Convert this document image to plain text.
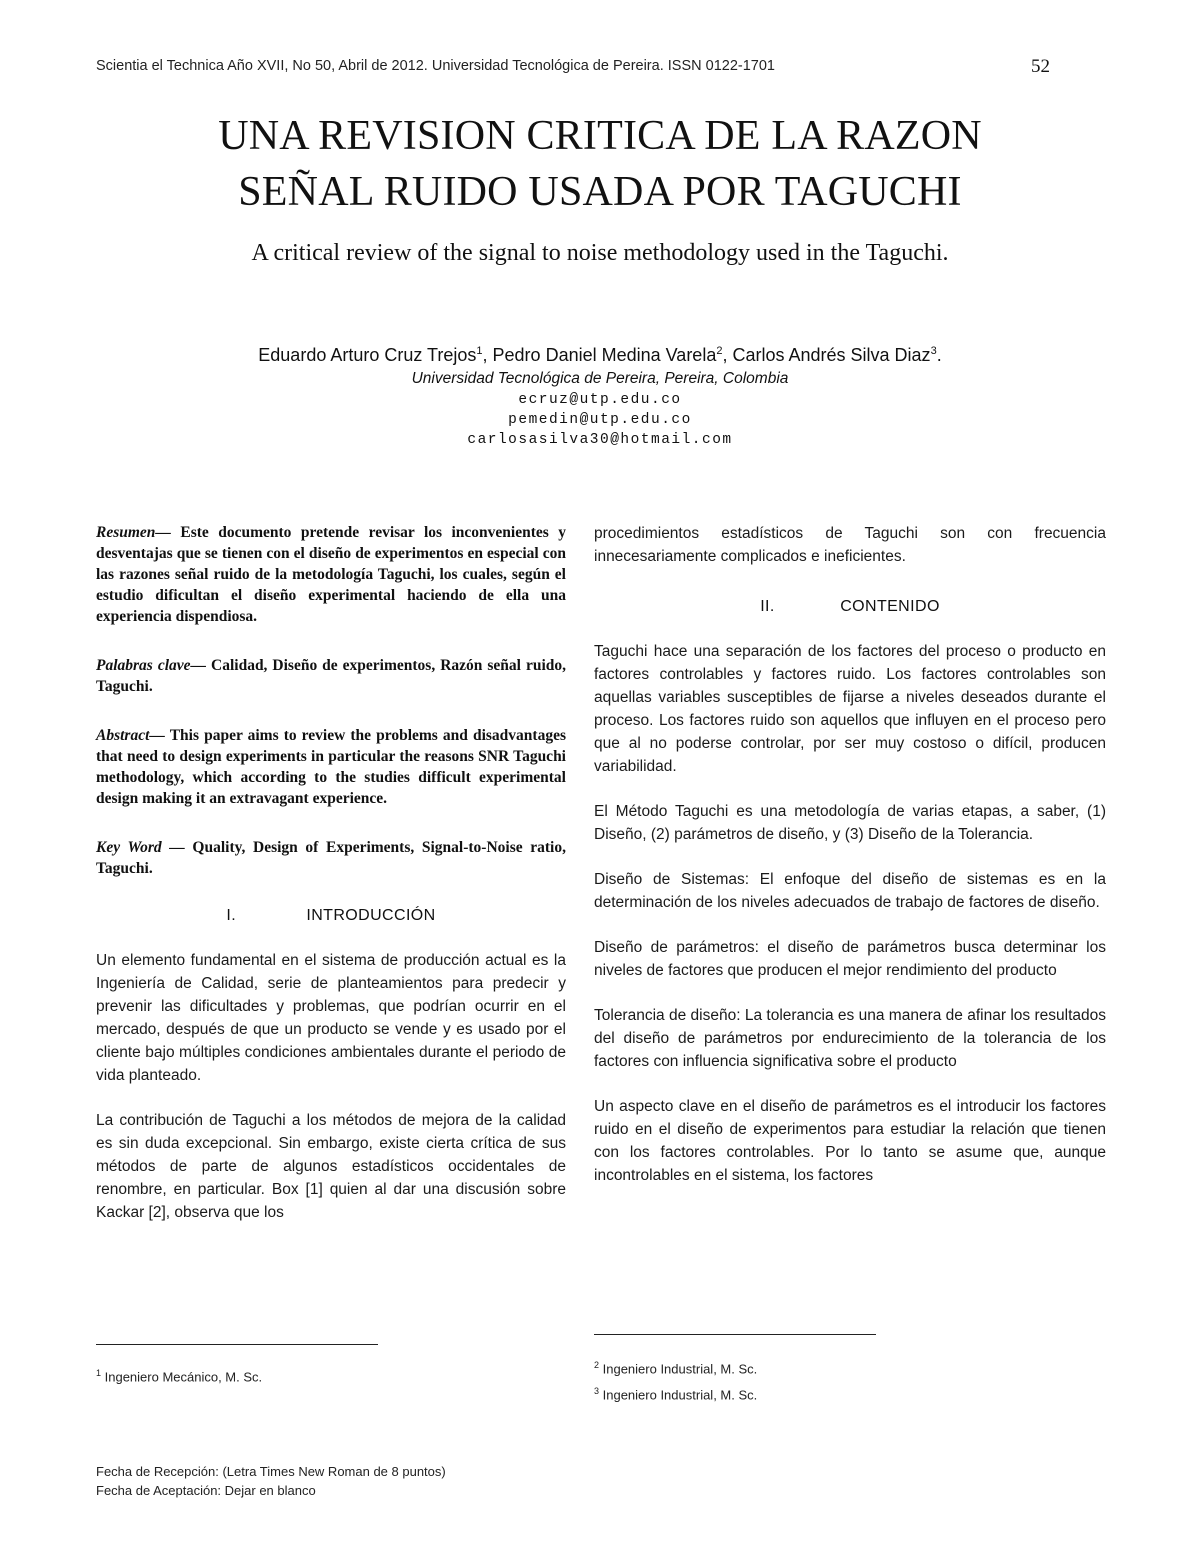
Scientia el Technica Año XVII, No 50, Abril de 2012. Universidad Tecnológica de Pereira. ISSN 0122-1701	52
UNA REVISION CRITICA DE LA RAZON
SEÑAL RUIDO USADA POR TAGUCHI
A critical review of the signal to noise methodology used in the Taguchi.
Eduardo Arturo Cruz Trejos$^1$, Pedro Daniel Medina Varela$^2$, Carlos Andrés Silva Diaz$^3$.
Universidad Tecnológica de Pereira, Pereira, Colombia
ecruz@utp.edu.co
pemedin@utp.edu.co
carlosasilva30@hotmail.com

Resumen— Este documento pretende revisar los inconvenientes y desventajas que se tienen con el diseño de experimentos en especial con las razones señal ruido de la metodología Taguchi, los cuales, según el estudio dificultan el diseño experimental haciendo de ella una experiencia dispendiosa.

Palabras clave— Calidad, Diseño de experimentos, Razón señal ruido, Taguchi.

Abstract— This paper aims to review the problems and disadvantages that need to design experiments in particular the reasons SNR Taguchi methodology, which according to the studies difficult experimental design making it an extravagant experience.

Key Word — Quality, Design of Experiments, Signal-to-Noise ratio, Taguchi.

I.	INTRODUCCIÓN

Un elemento fundamental en el sistema de producción actual es la Ingeniería de Calidad, serie de planteamientos para predecir y prevenir las dificultades y problemas, que podrían ocurrir en el mercado, después de que un producto se vende y es usado por el cliente bajo múltiples condiciones ambientales durante el periodo de vida planteado.

La contribución de Taguchi a los métodos de mejora de la calidad es sin duda excepcional. Sin embargo, existe cierta crítica de sus métodos de parte de algunos estadísticos occidentales de renombre, en particular. Box [1] quien al dar una discusión sobre Kackar [2], observa que los

procedimientos estadísticos de Taguchi son con frecuencia innecesariamente complicados e ineficientes.

II.	CONTENIDO

Taguchi hace una separación de los factores del proceso o producto en factores controlables y factores ruido. Los factores controlables son aquellas variables susceptibles de fijarse a niveles deseados durante el proceso. Los factores ruido son aquellos que influyen en el proceso pero que al no poderse controlar, por ser muy costoso o difícil, producen variabilidad.

El Método Taguchi es una metodología de varias etapas, a saber, (1) Diseño, (2) parámetros de diseño, y (3) Diseño de la Tolerancia.

Diseño de Sistemas: El enfoque del diseño de sistemas es en la determinación de los niveles adecuados de trabajo de factores de diseño.

Diseño de parámetros: el diseño de parámetros busca determinar los niveles de factores que producen el mejor rendimiento del producto

Tolerancia de diseño: La tolerancia es una manera de afinar los resultados del diseño de parámetros por endurecimiento de la tolerancia de los factores con influencia significativa sobre el producto

Un aspecto clave en el diseño de parámetros es el introducir los factores ruido en el diseño de experimentos para estudiar la relación que tienen con los factores controlables. Por lo tanto se asume que, aunque incontrolables en el sistema, los factores

$^1$ Ingeniero Mecánico, M. Sc.
$^2$ Ingeniero Industrial, M. Sc.
$^3$ Ingeniero Industrial, M. Sc.
Fecha de Recepción: (Letra Times New Roman de 8 puntos)
Fecha de Aceptación: Dejar en blanco
